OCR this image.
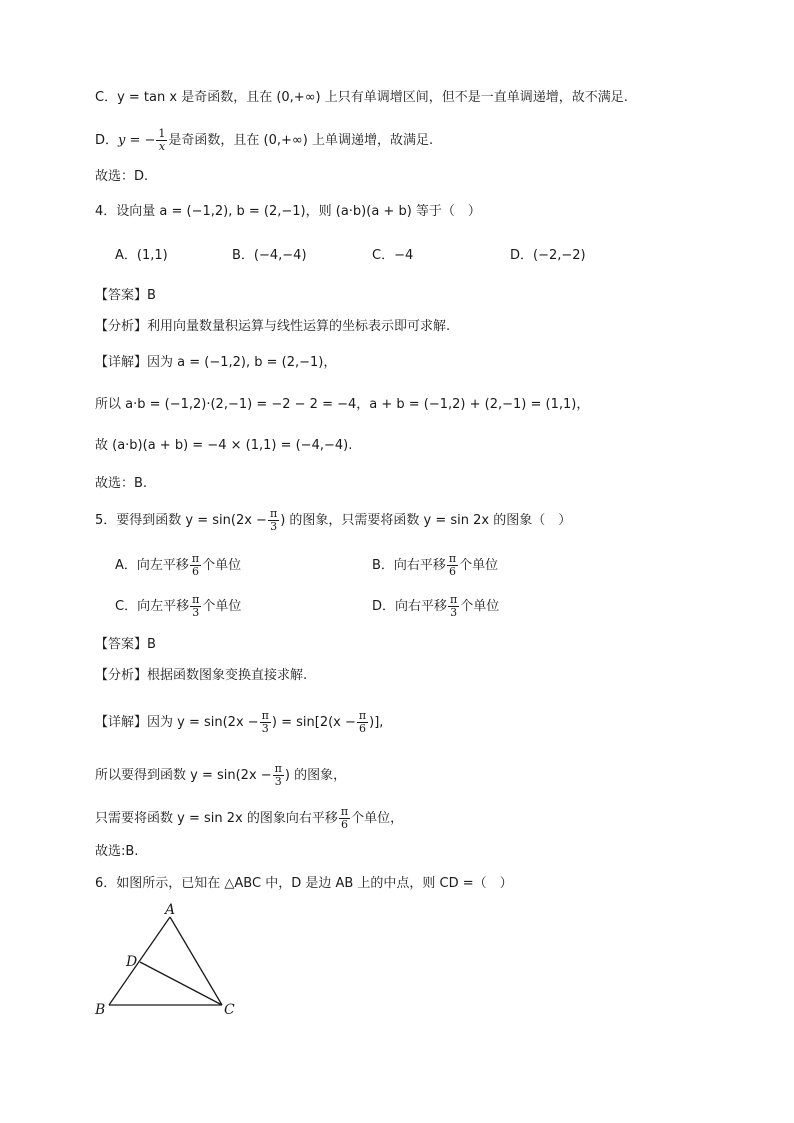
C．y = tan x 是奇函数，且在 (0,+∞) 上只有单调增区间，但不是一直单调递增，故不满足.
D．y = − $\frac{1}{x}$ 是奇函数，且在 (0,+∞) 上单调递增，故满足.
故选：D.
4．设向量 a = (−1,2), b = (2,−1)，则 (a·b)(a + b) 等于（　）
A．(1,1)	B．(−4,−4)	C．−4	D．(−2,−2)
【答案】B
【分析】利用向量数量积运算与线性运算的坐标表示即可求解.
【详解】因为 a = (−1,2), b = (2,−1)，
所以 a·b = (−1,2)·(2,−1) = −2 − 2 = −4，a + b = (−1,2) + (2,−1) = (1,1)，
故 (a·b)(a + b) = −4 × (1,1) = (−4,−4).
故选：B.
5．要得到函数 $y = \sin(2x - \frac{\pi}{3}$ ) 的图象，只需要将函数 y = sin 2x 的图象（　）
A．向左平移 $\frac{\pi}{6}$ 个单位	B．向右平移 $\frac{\pi}{6}$ 个单位
C．向左平移 $\frac{\pi}{3}$ 个单位	D．向右平移 $\frac{\pi}{3}$ 个单位
【答案】B
【分析】根据函数图象变换直接求解.
【详解】因为 $y = \sin(2x - \frac{\pi}{3}$ ) = $\sin[2(x - \frac{\pi}{6}$ )],
所以要得到函数 $y = \sin(2x - \frac{\pi}{3}$ ) 的图象，
只需要将函数 y = sin 2x 的图象向右平移 $\frac{\pi}{6}$ 个单位，
故选:B.
6．如图所示，已知在 △ABC 中，D 是边 AB 上的中点，则 CD =（　）
A
B	C
D
